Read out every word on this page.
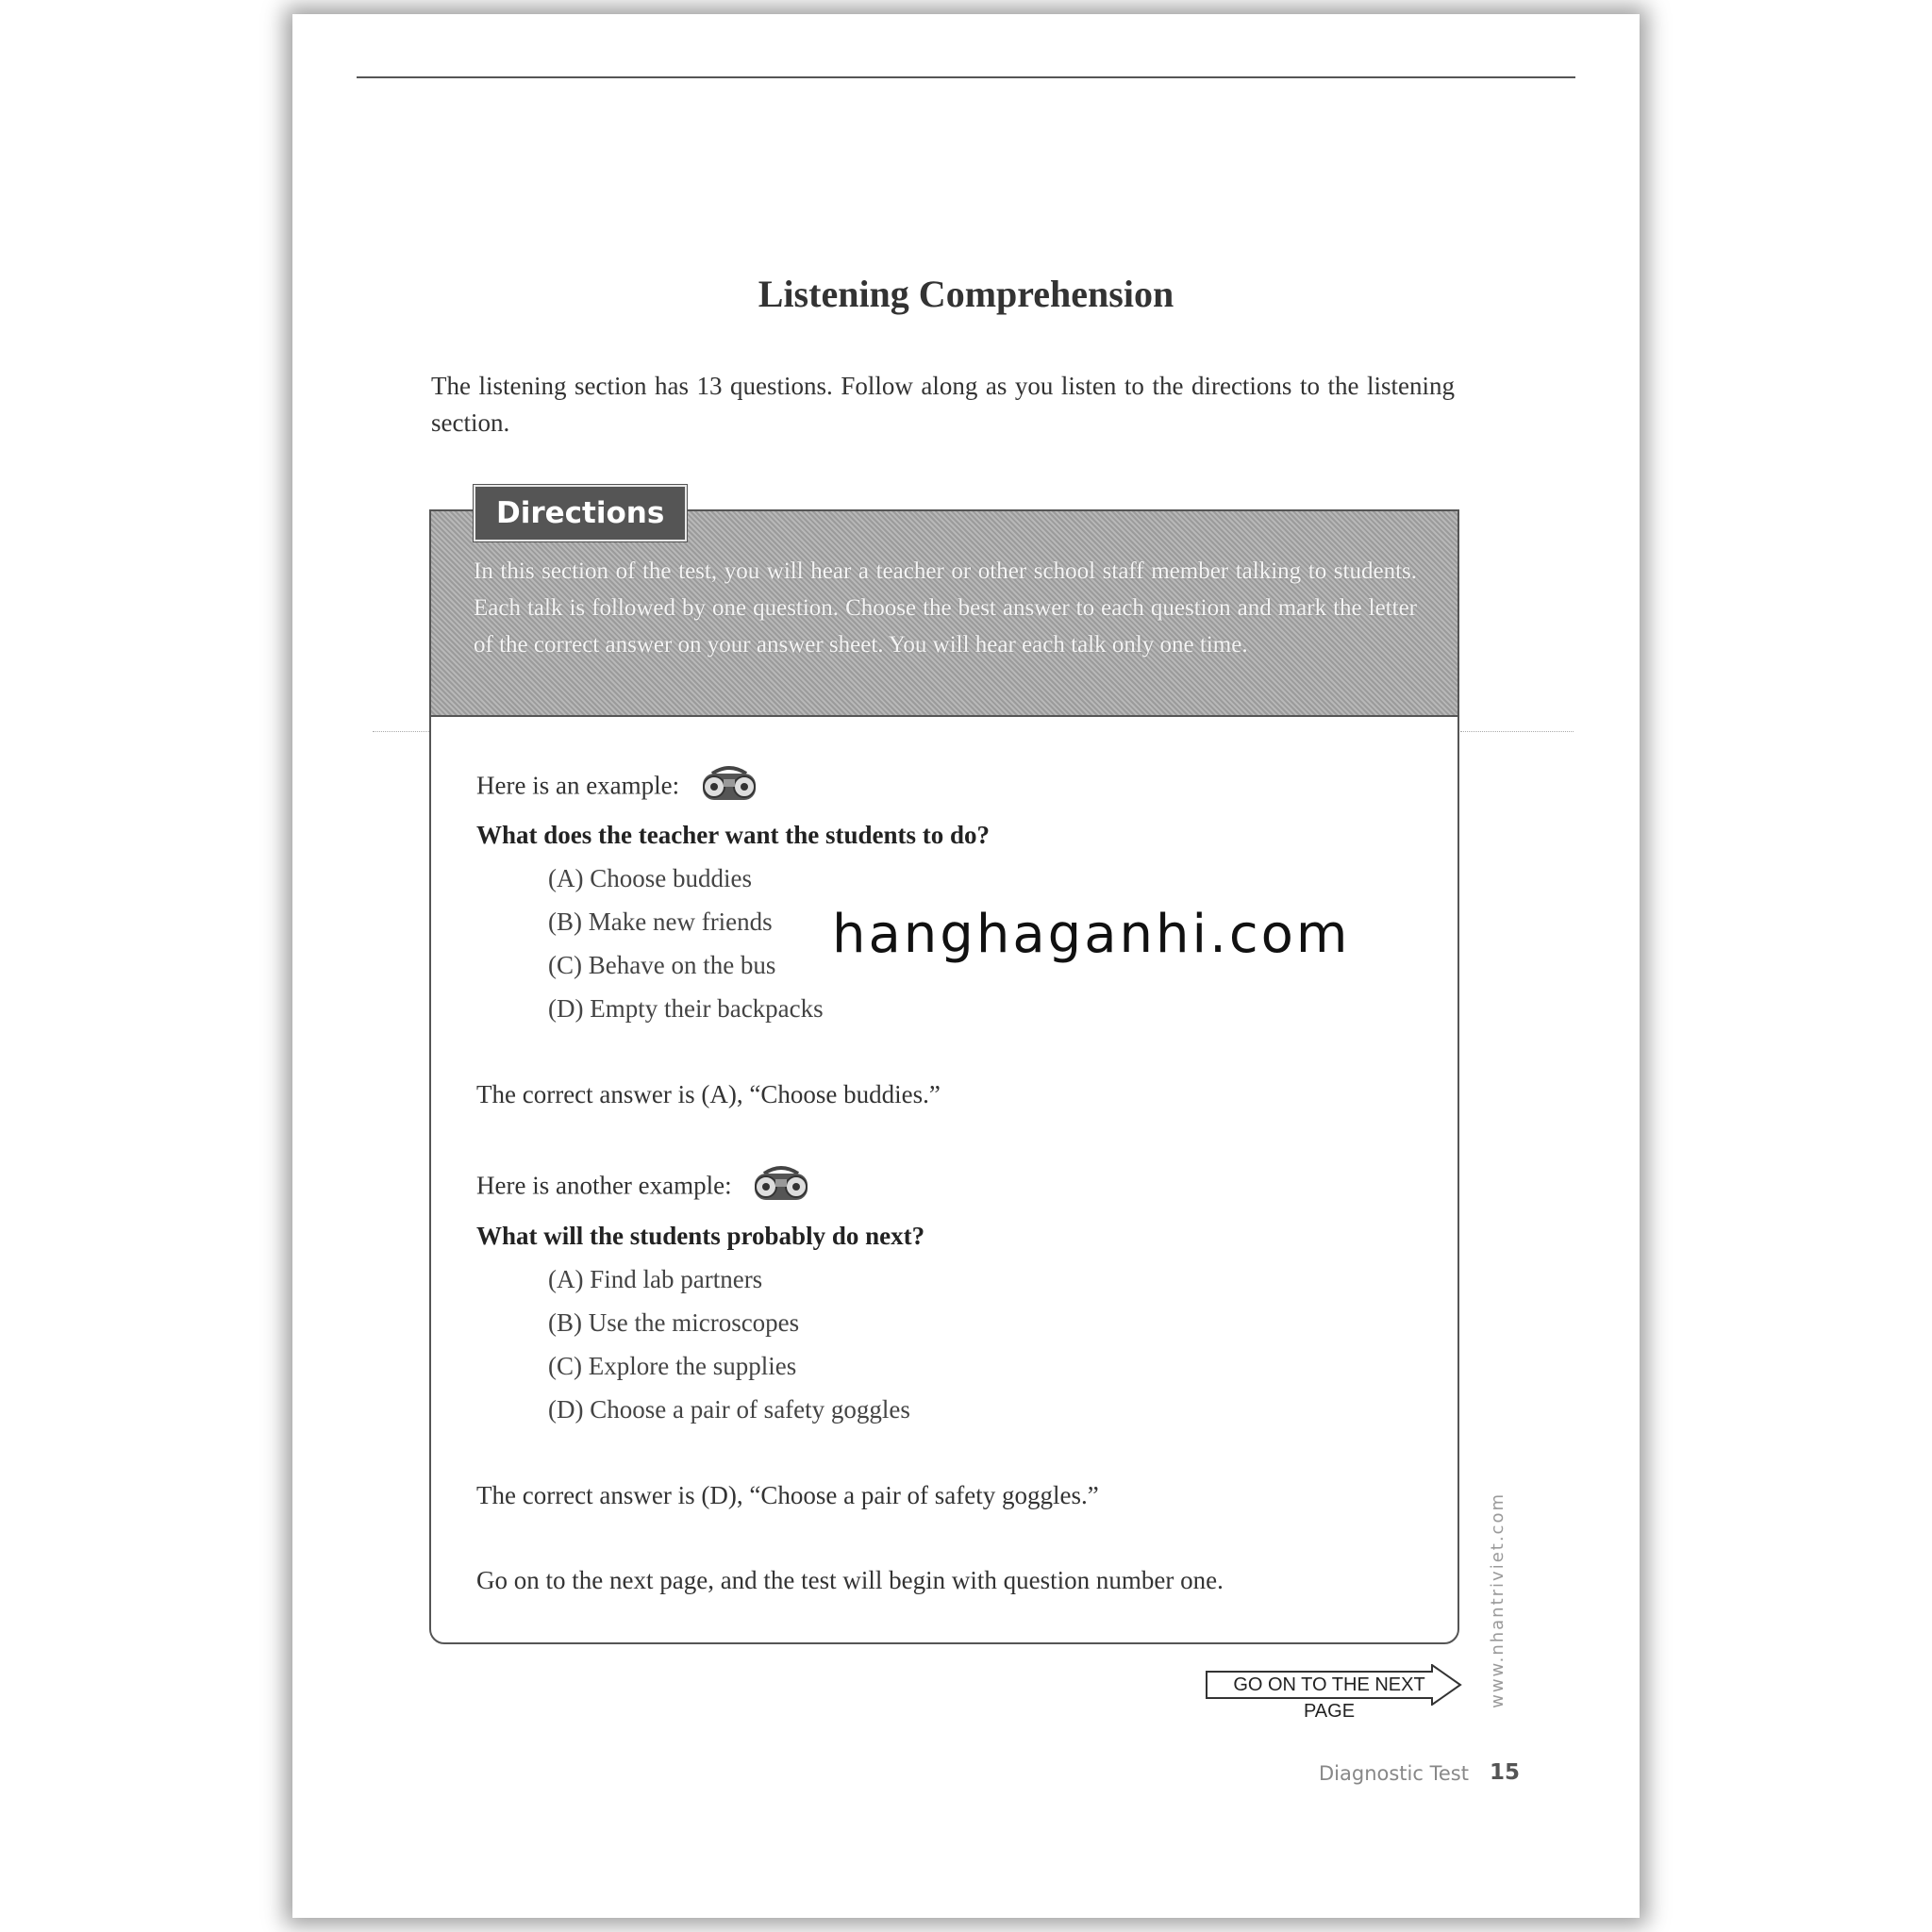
Listening Comprehension
The listening section has 13 questions. Follow along as you listen to the directions to the listening section.
Directions
In this section of the test, you will hear a teacher or other school staff member talking to students. Each talk is followed by one question. Choose the best answer to each question and mark the letter of the correct answer on your answer sheet. You will hear each talk only one time.
Here is an example:
What does the teacher want the students to do?
(A) Choose buddies
(B) Make new friends
(C) Behave on the bus
(D) Empty their backpacks
The correct answer is (A), “Choose buddies.”
Here is another example:
What will the students probably do next?
(A) Find lab partners
(B) Use the microscopes
(C) Explore the supplies
(D) Choose a pair of safety goggles
The correct answer is (D), “Choose a pair of safety goggles.”
Go on to the next page, and the test will begin with question number one.
hanghaganhi.com
GO ON TO THE NEXT PAGE
www.nhantriviet.com
Diagnostic Test 15
